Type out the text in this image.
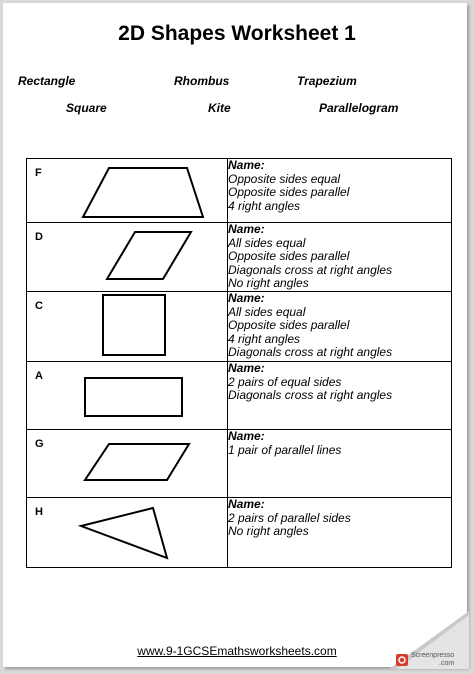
2D Shapes Worksheet 1
Rectangle	Rhombus	Trapezium
Square	Kite	Parallelogram
F	Name:
Opposite sides equal
Opposite sides parallel
4 right angles

D	Name:
All sides equal
Opposite sides parallel
Diagonals cross at right angles
No right angles

C	Name:
All sides equal
Opposite sides parallel
4 right angles
Diagonals cross at right angles

A	Name:
2 pairs of equal sides
Diagonals cross at right angles

G	Name:
1 pair of parallel lines

H	Name:
2 pairs of parallel sides
No right angles
www.9-1GCSEmathsworksheets.com	Screenpresso
.com
